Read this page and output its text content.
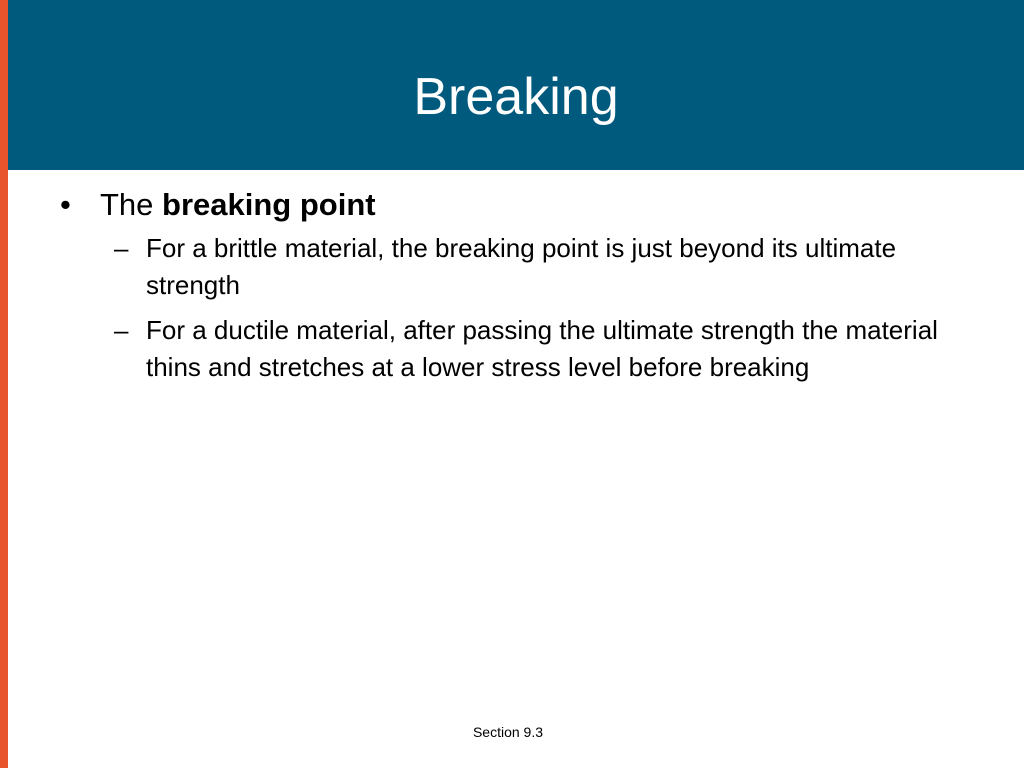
Breaking
• The breaking point
– For a brittle material, the breaking point is just beyond its ultimate strength
– For a ductile material, after passing the ultimate strength the material thins and stretches at a lower stress level before breaking
Section 9.3
